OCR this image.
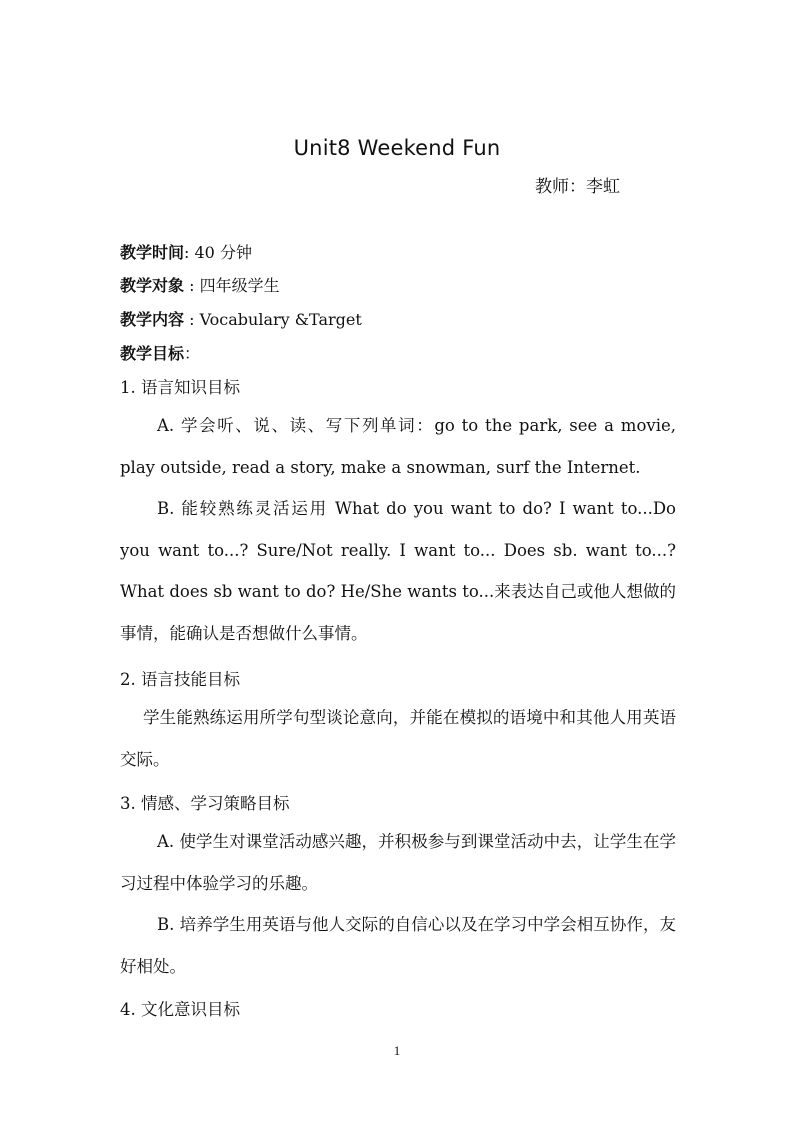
Unit8 Weekend Fun
教师：李虹
教学时间: 40 分钟
教学对象 : 四年级学生
教学内容 : Vocabulary &Target
教学目标：
1. 语言知识目标
A. 学会听、说、读、写下列单词：go to the park, see a movie, play outside, read a story, make a snowman, surf the Internet.
B. 能较熟练灵活运用 What do you want to do? I want to...Do you want to...? Sure/Not really. I want to... Does sb. want to...? What does sb want to do? He/She wants to...来表达自己或他人想做的事情，能确认是否想做什么事情。
2. 语言技能目标
学生能熟练运用所学句型谈论意向，并能在模拟的语境中和其他人用英语交际。
3. 情感、学习策略目标
A. 使学生对课堂活动感兴趣，并积极参与到课堂活动中去，让学生在学习过程中体验学习的乐趣。
B. 培养学生用英语与他人交际的自信心以及在学习中学会相互协作，友好相处。
4. 文化意识目标
1
